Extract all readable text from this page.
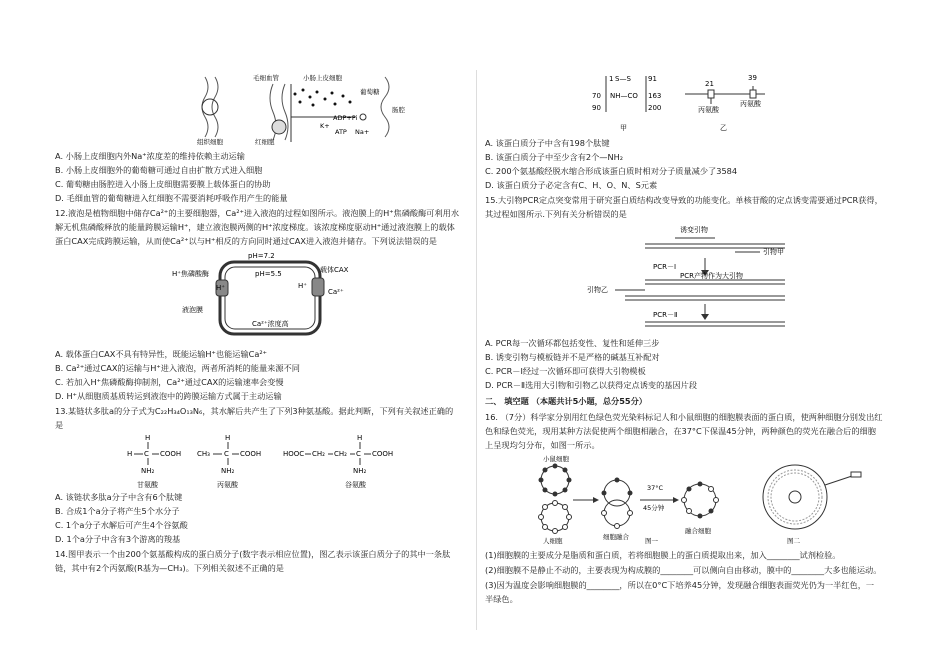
组织细胞
毛细血管
红细胞
小肠上皮细胞
ADP+Pi
ATP
K+
Na+
葡萄糖
肠腔

A. 小肠上皮细胞内外Na⁺浓度差的维持依赖主动运输

B. 小肠上皮细胞外的葡萄糖可通过自由扩散方式进入细胞

C. 葡萄糖由肠腔进入小肠上皮细胞需要膜上载体蛋白的协助

D. 毛细血管的葡萄糖进入红细胞不需要消耗呼吸作用产生的能量

12.液泡是植物细胞中储存Ca²⁺的主要细胞器，Ca²⁺进入液泡的过程如图所示。液泡膜上的H⁺焦磷酸酶可利用水

解无机焦磷酸释放的能量跨膜运输H⁺，建立液泡膜两侧的H⁺浓度梯度。该浓度梯度驱动H⁺通过液泡膜上的载体

蛋白CAX完成跨膜运输，从而使Ca²⁺以与H⁺相反的方向同时通过CAX进入液泡并储存。下列说法错误的是

pH=7.2
pH=5.5
H⁺焦磷酸酶
H⁺
载体CAX
H⁺
Ca²⁺
液泡膜
Ca²⁺浓度高

A. 载体蛋白CAX不具有特异性，既能运输H⁺也能运输Ca²⁺

B. Ca²⁺通过CAX的运输与H⁺进入液泡，两者所消耗的能量来源不同

C. 若加入H⁺焦磷酸酶抑制剂，Ca²⁺通过CAX的运输速率会变慢

D. H⁺从细胞质基质转运到液泡中的跨膜运输方式属于主动运输

13.某链状多肽a的分子式为C₂₂H₃₄O₁₃N₆，其水解后共产生了下列3种氨基酸。据此判断，下列有关叙述正确的

是

H
H C COOH
NH₂
甘氨酸
H
CH₃ C COOH
NH₂
丙氨酸
HOOC CH₂ CH₂ C
H
COOH
NH₂
谷氨酸

A. 该链状多肽a分子中含有6个肽键

B. 合成1个a分子将产生5个水分子

C. 1个a分子水解后可产生4个谷氨酸

D. 1个a分子中含有3个游离的羧基

14.图甲表示一个由200个氨基酸构成的蛋白质分子(数字表示相应位置)，图乙表示该蛋白质分子的其中一条肽

链，其中有2个丙氨酸(R基为—CH₃)。下列相关叙述不正确的是

1 S—S 91
70 NH—CO 163
90	200
甲
21
39
丙氨酸
丙氨酸
乙

A. 该蛋白质分子中含有198个肽键

B. 该蛋白质分子中至少含有2个—NH₂

C. 200个氨基酸经脱水缩合形成该蛋白质时相对分子质量减少了3584

D. 该蛋白质分子必定含有C、H、O、N、S元素

15.大引物PCR定点突变常用于研究蛋白质结构改变导致的功能变化。单核苷酸的定点诱变需要通过PCR获得，

其过程如图所示.下列有关分析错误的是

诱变引物
引物甲
PCR－Ⅰ
PCR产物作为大引物
引物乙
PCR－Ⅱ

A. PCR每一次循环都包括变性、复性和延伸三步

B. 诱变引物与模板链并不是严格的碱基互补配对

C. PCR－Ⅰ经过一次循环即可获得大引物模板

D. PCR－Ⅱ选用大引物和引物乙以获得定点诱变的基因片段

二、 填空题 （本题共计5小题，总分55分）

16. （7分）科学家分别用红色绿色荧光染料标记人和小鼠细胞的细胞膜表面的蛋白质，使两种细胞分别发出红

色和绿色荧光，现用某种方法促使两个细胞相融合，在37°C下保温45分钟，两种颜色的荧光在融合后的细胞

上呈现均匀分布，如图一所示。

小鼠细胞
人细胞	细胞融合
37°C
45分钟
融合细胞
图一	图二

(1)细胞膜的主要成分是脂质和蛋白质，若将细胞膜上的蛋白质提取出来，加入________试剂检验。

(2)细胞膜不是静止不动的，主要表现为构成膜的________可以侧向自由移动，膜中的________大多也能运动。

(3)因为温度会影响细胞膜的________，所以在0°C下培养45分钟，发现融合细胞表面荧光仍为一半红色，一

半绿色。
